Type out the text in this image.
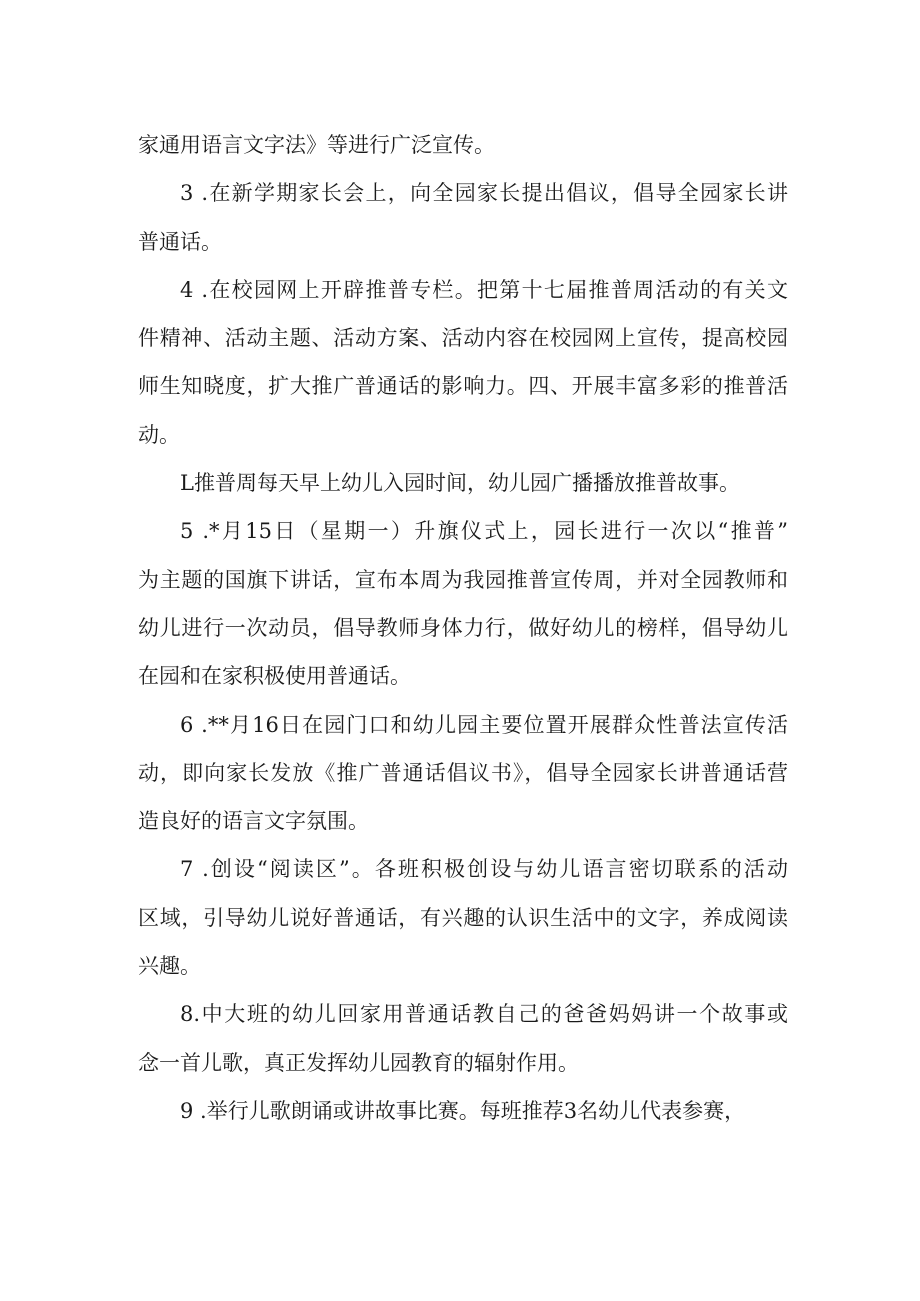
家通用语言文字法》等进行广泛宣传。
3 .在新学期家长会上，向全园家长提出倡议，倡导全园家长讲
普通话。
4 .在校园网上开辟推普专栏。把第十七届推普周活动的有关文
件精神、活动主题、活动方案、活动内容在校园网上宣传，提高校园
师生知晓度，扩大推广普通话的影响力。四、开展丰富多彩的推普活
动。
L推普周每天早上幼儿入园时间，幼儿园广播播放推普故事。
5 .*月15日（星期一）升旗仪式上，园长进行一次以“推普”
为主题的国旗下讲话，宣布本周为我园推普宣传周，并对全园教师和
幼儿进行一次动员，倡导教师身体力行，做好幼儿的榜样，倡导幼儿
在园和在家积极使用普通话。
6 .**月16日在园门口和幼儿园主要位置开展群众性普法宣传活
动，即向家长发放《推广普通话倡议书》，倡导全园家长讲普通话营
造良好的语言文字氛围。
7 .创设“阅读区”。各班积极创设与幼儿语言密切联系的活动
区域，引导幼儿说好普通话，有兴趣的认识生活中的文字，养成阅读
兴趣。
8.中大班的幼儿回家用普通话教自己的爸爸妈妈讲一个故事或
念一首儿歌，真正发挥幼儿园教育的辐射作用。
9 .举行儿歌朗诵或讲故事比赛。每班推荐3名幼儿代表参赛，
